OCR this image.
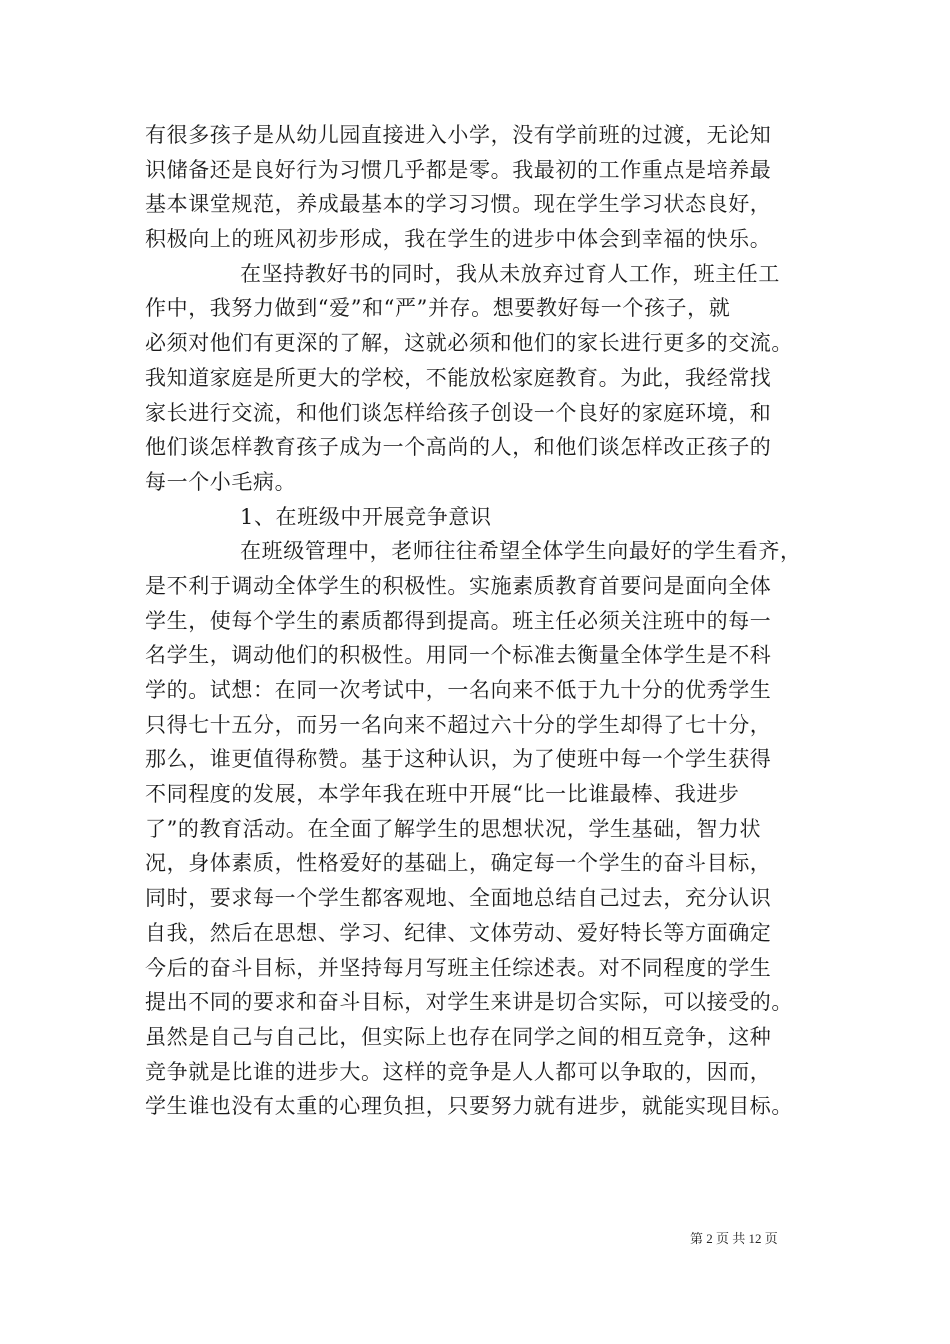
有很多孩子是从幼儿园直接进入小学，没有学前班的过渡，无论知
识储备还是良好行为习惯几乎都是零。我最初的工作重点是培养最
基本课堂规范，养成最基本的学习习惯。现在学生学习状态良好，
积极向上的班风初步形成，我在学生的进步中体会到幸福的快乐。
在坚持教好书的同时，我从未放弃过育人工作，班主任工
作中，我努力做到“爱”和“严”并存。想要教好每一个孩子，就
必须对他们有更深的了解，这就必须和他们的家长进行更多的交流。
我知道家庭是所更大的学校，不能放松家庭教育。为此，我经常找
家长进行交流，和他们谈怎样给孩子创设一个良好的家庭环境，和
他们谈怎样教育孩子成为一个高尚的人，和他们谈怎样改正孩子的
每一个小毛病。
1、在班级中开展竞争意识
在班级管理中，老师往往希望全体学生向最好的学生看齐，
是不利于调动全体学生的积极性。实施素质教育首要问是面向全体
学生，使每个学生的素质都得到提高。班主任必须关注班中的每一
名学生，调动他们的积极性。用同一个标准去衡量全体学生是不科
学的。试想：在同一次考试中，一名向来不低于九十分的优秀学生
只得七十五分，而另一名向来不超过六十分的学生却得了七十分，
那么，谁更值得称赞。基于这种认识，为了使班中每一个学生获得
不同程度的发展，本学年我在班中开展“比一比谁最棒、我进步
了”的教育活动。在全面了解学生的思想状况，学生基础，智力状
况，身体素质，性格爱好的基础上，确定每一个学生的奋斗目标，
同时，要求每一个学生都客观地、全面地总结自己过去，充分认识
自我，然后在思想、学习、纪律、文体劳动、爱好特长等方面确定
今后的奋斗目标，并坚持每月写班主任综述表。对不同程度的学生
提出不同的要求和奋斗目标，对学生来讲是切合实际，可以接受的。
虽然是自己与自己比，但实际上也存在同学之间的相互竞争，这种
竞争就是比谁的进步大。这样的竞争是人人都可以争取的，因而，
学生谁也没有太重的心理负担，只要努力就有进步，就能实现目标。
第 2 页 共 12 页
